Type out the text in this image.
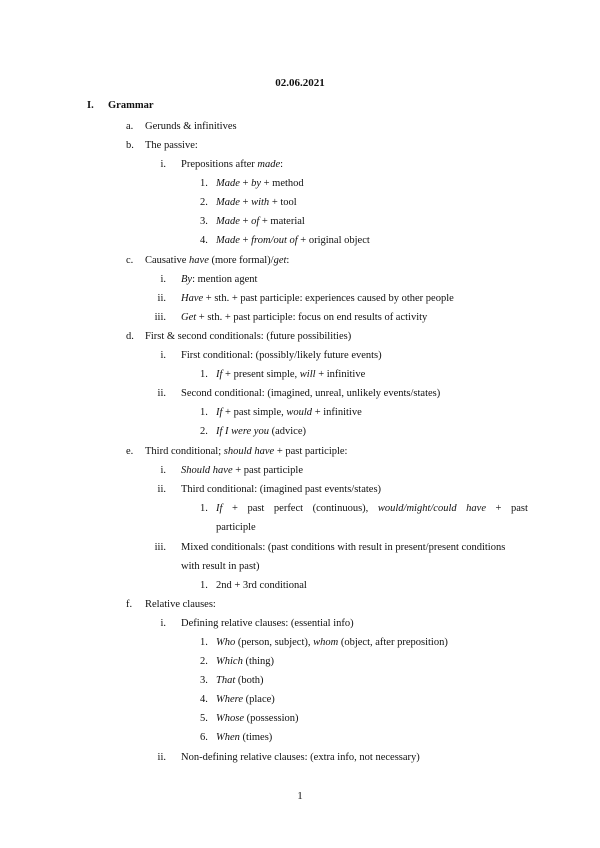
02.06.2021
I. Grammar
a. Gerunds & infinitives
b. The passive:
i. Prepositions after made:
1. Made + by + method
2. Made + with + tool
3. Made + of + material
4. Made + from/out of + original object
c. Causative have (more formal)/get:
i. By: mention agent
ii. Have + sth. + past participle: experiences caused by other people
iii. Get + sth. + past participle: focus on end results of activity
d. First & second conditionals: (future possibilities)
i. First conditional: (possibly/likely future events)
1. If + present simple, will + infinitive
ii. Second conditional: (imagined, unreal, unlikely events/states)
1. If + past simple, would + infinitive
2. If I were you (advice)
e. Third conditional; should have + past participle:
i. Should have + past participle
ii. Third conditional: (imagined past events/states)
1. If + past perfect (continuous), would/might/could have + past
participle
iii. Mixed conditionals: (past conditions with result in present/present conditions
with result in past)
1. 2nd + 3rd conditional
f. Relative clauses:
i. Defining relative clauses: (essential info)
1. Who (person, subject), whom (object, after preposition)
2. Which (thing)
3. That (both)
4. Where (place)
5. Whose (possession)
6. When (times)
ii. Non-defining relative clauses: (extra info, not necessary)
1
